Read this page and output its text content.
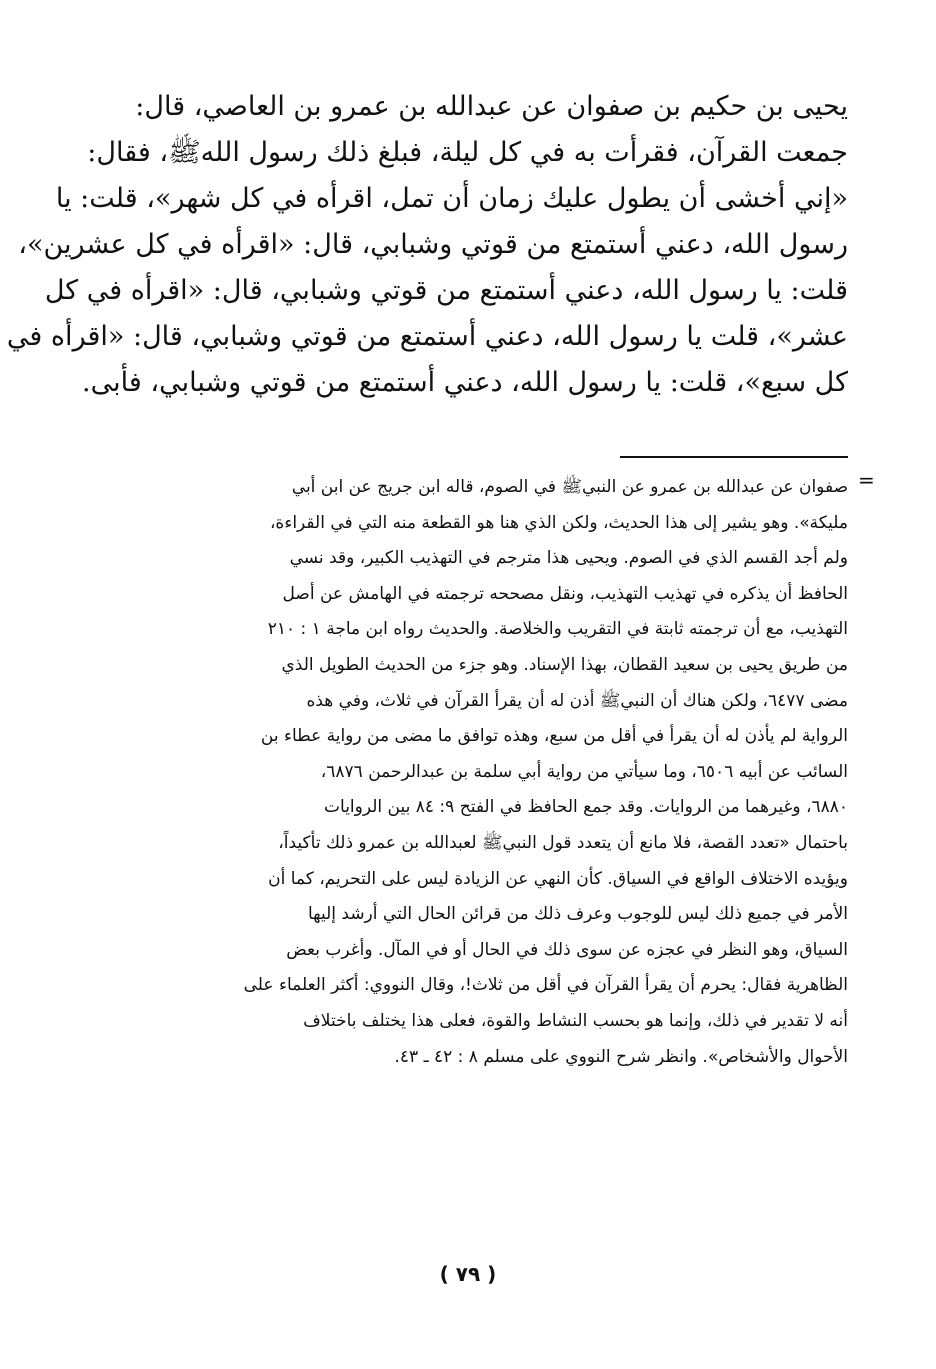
يحيى بن حكيم بن صفوان عن عبدالله بن عمرو بن العاصي، قال:
جمعت القرآن، فقرأت به في كل ليلة، فبلغ ذلك رسول اللهﷺ، فقال:
«إني أخشى أن يطول عليك زمان أن تمل، اقرأه في كل شهر»، قلت: يا
رسول الله، دعني أستمتع من قوتي وشبابي، قال: «اقرأه في كل عشرين»،
قلت: يا رسول الله، دعني أستمتع من قوتي وشبابي، قال: «اقرأه في كل
عشر»، قلت يا رسول الله، دعني أستمتع من قوتي وشبابي، قال: «اقرأه في
كل سبع»، قلت: يا رسول الله، دعني أستمتع من قوتي وشبابي، فأبى.
=
صفوان عن عبدالله بن عمرو عن النبيﷺ في الصوم، قاله ابن جريج عن ابن أبي
مليكة». وهو يشير إلى هذا الحديث، ولكن الذي هنا هو القطعة منه التي في القراءة،
ولم أجد القسم الذي في الصوم. ويحيى هذا مترجم في التهذيب الكبير، وقد نسي
الحافظ أن يذكره في تهذيب التهذيب، ونقل مصححه ترجمته في الهامش عن أصل
التهذيب، مع أن ترجمته ثابتة في التقريب والخلاصة. والحديث رواه ابن ماجة ١ : ٢١٠
من طريق يحيى بن سعيد القطان، بهذا الإسناد. وهو جزء من الحديث الطويل الذي
مضى ٦٤٧٧، ولكن هناك أن النبيﷺ أذن له أن يقرأ القرآن في ثلاث، وفي هذه
الرواية لم يأذن له أن يقرأ في أقل من سبع، وهذه توافق ما مضى من رواية عطاء بن
السائب عن أبيه ٦٥٠٦، وما سيأتي من رواية أبي سلمة بن عبدالرحمن ٦٨٧٦،
٦٨٨٠، وغيرهما من الروايات. وقد جمع الحافظ في الفتح ٩: ٨٤ بين الروايات
باحتمال «تعدد القصة، فلا مانع أن يتعدد قول النبيﷺ لعبدالله بن عمرو ذلك تأكيداً،
ويؤيده الاختلاف الواقع في السياق. كأن النهي عن الزيادة ليس على التحريم، كما أن
الأمر في جميع ذلك ليس للوجوب وعرف ذلك من قرائن الحال التي أرشد إليها
السياق، وهو النظر في عجزه عن سوى ذلك في الحال أو في المآل. وأغرب بعض
الظاهرية فقال: يحرم أن يقرأ القرآن في أقل من ثلاث!، وقال النووي: أكثر العلماء على
أنه لا تقدير في ذلك، وإنما هو بحسب النشاط والقوة، فعلى هذا يختلف باختلاف
الأحوال والأشخاص». وانظر شرح النووي على مسلم ٨ : ٤٢ ـ ٤٣.
( ٧٩ )
